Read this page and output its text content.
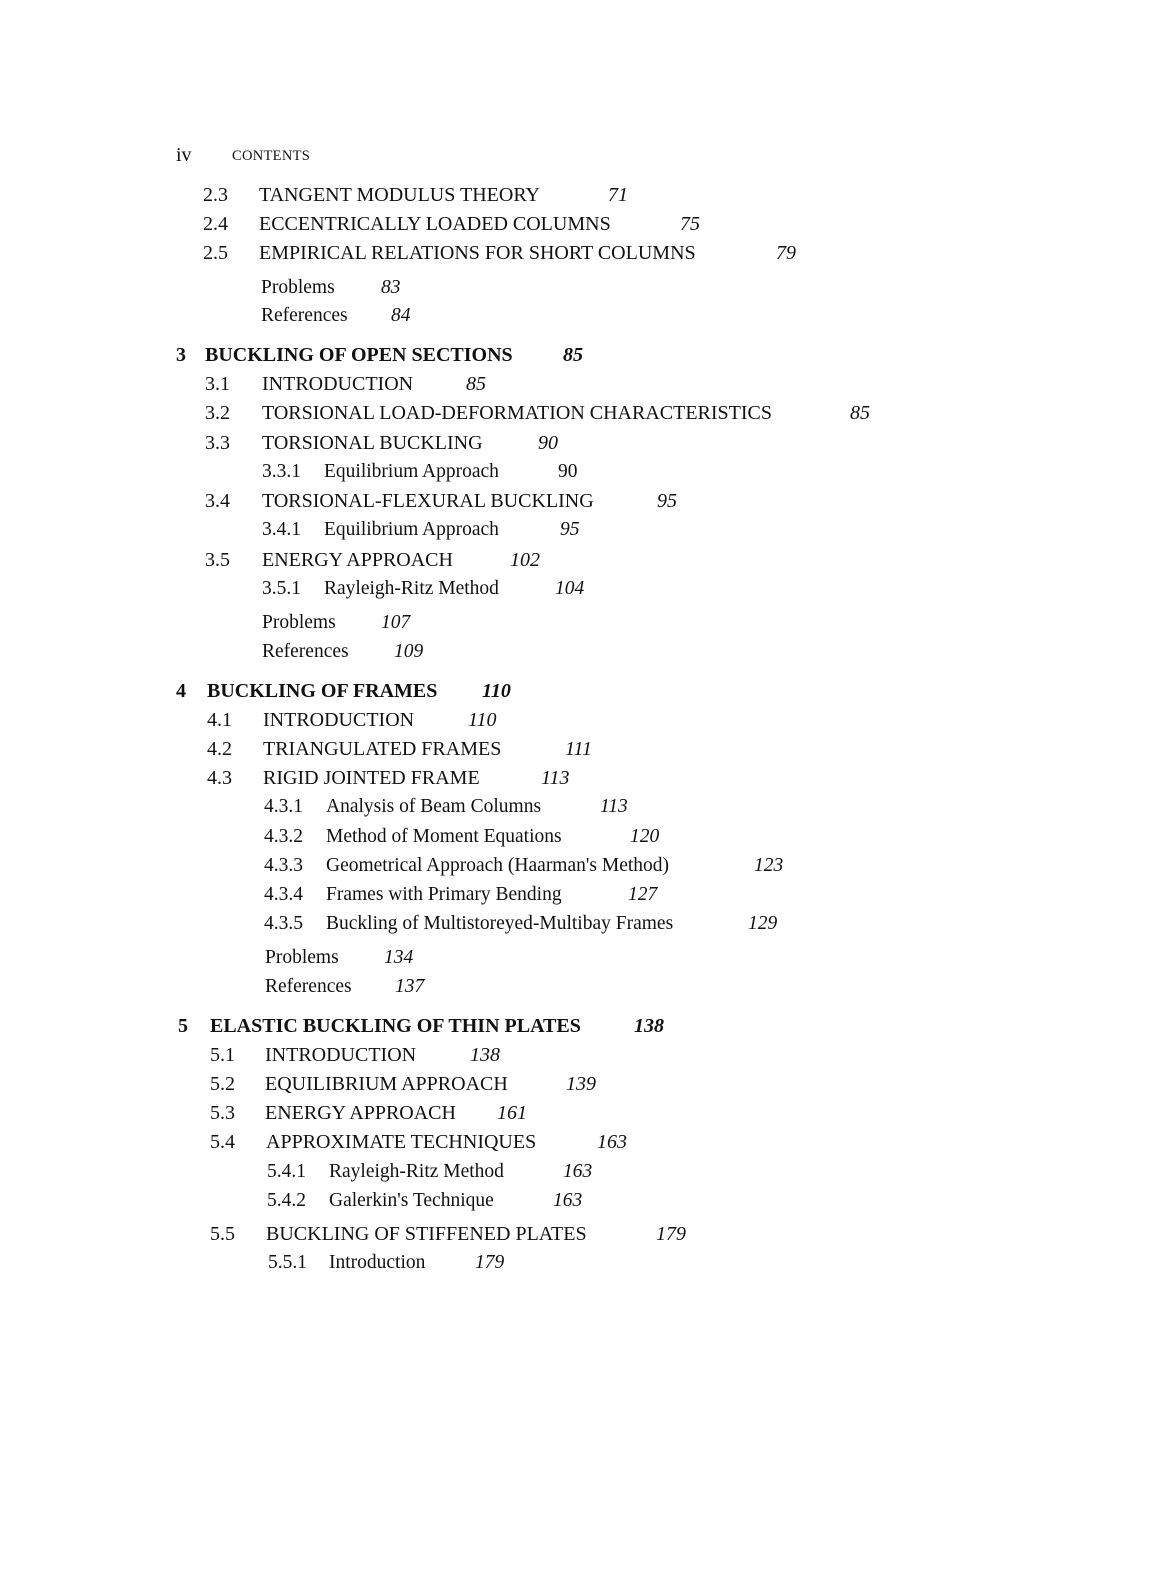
iv	CONTENTS
2.3 TANGENT MODULUS THEORY	71
2.4 ECCENTRICALLY LOADED COLUMNS	75
2.5 EMPIRICAL RELATIONS FOR SHORT COLUMNS	79
Problems 83
References 84
3 BUCKLING OF OPEN SECTIONS	85
3.1 INTRODUCTION	85
3.2 TORSIONAL LOAD-DEFORMATION CHARACTERISTICS	85
3.3 TORSIONAL BUCKLING	90
3.3.1 Equilibrium Approach	90
3.4 TORSIONAL-FLEXURAL BUCKLING	95
3.4.1 Equilibrium Approach	95
3.5 ENERGY APPROACH	102
3.5.1 Rayleigh-Ritz Method	104
Problems 107
References 109
4 BUCKLING OF FRAMES 110
4.1 INTRODUCTION	110
4.2 TRIANGULATED FRAMES	111
4.3 RIGID JOINTED FRAME	113
4.3.1 Analysis of Beam Columns	113
4.3.2 Method of Moment Equations	120
4.3.3 Geometrical Approach (Haarman's Method)	123
4.3.4 Frames with Primary Bending	127
4.3.5 Buckling of Multistoreyed-Multibay Frames	129
Problems 134
References 137
5 ELASTIC BUCKLING OF THIN PLATES	138
5.1 INTRODUCTION	138
5.2 EQUILIBRIUM APPROACH	139
5.3 ENERGY APPROACH 161
5.4 APPROXIMATE TECHNIQUES	163
5.4.1 Rayleigh-Ritz Method	163
5.4.2 Galerkin's Technique	163
5.5 BUCKLING OF STIFFENED PLATES	179
5.5.1 Introduction	179
